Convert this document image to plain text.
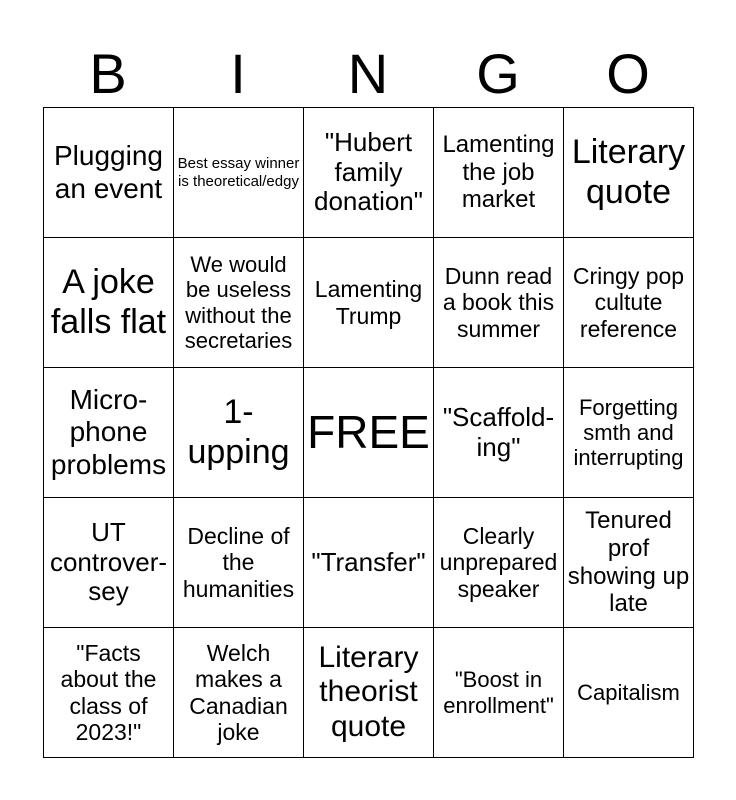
B	I	N	G	O
Plugging an event	Best essay winner is theoretical/edgy	"Hubert family donation"	Lamenting the job market	Literary quote
A joke falls flat	We would be useless without the secretaries	Lamenting Trump	Dunn read a book this summer	Cringy pop cultute reference
Micro-phone problems	1-upping	FREE	"Scaffold-ing"	Forgetting smth and interrupting
UT controver-sey	Decline of the humanities	"Transfer"	Clearly unprepared speaker	Tenured prof showing up late
"Facts about the class of 2023!"	Welch makes a Canadian joke	Literary theorist quote	"Boost in enrollment"	Capitalism
